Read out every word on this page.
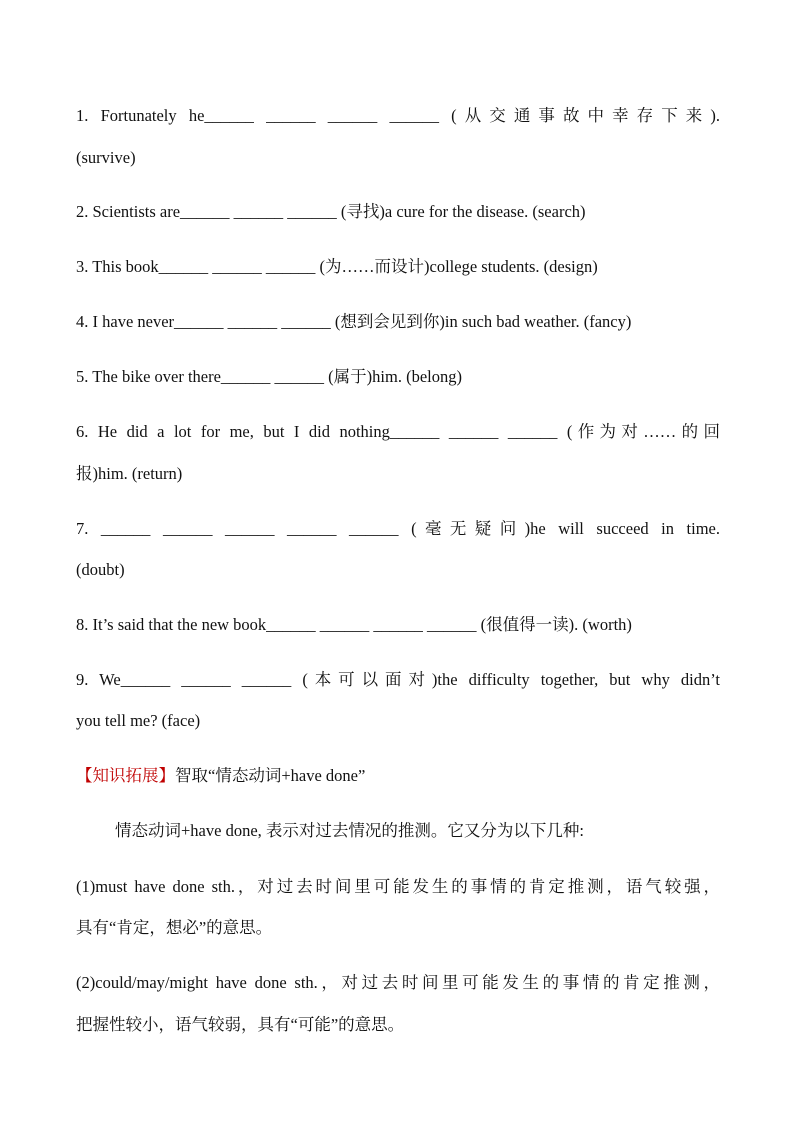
1. Fortunately he______ ______ ______ ______ (从交通事故中幸存下来).
(survive)
2. Scientists are______ ______ ______ (寻找)a cure for the disease. (search)
3. This book______ ______ ______ (为……而设计)college students. (design)
4. I have never______ ______ ______ (想到会见到你)in such bad weather. (fancy)
5. The bike over there______ ______ (属于)him. (belong)
6. He did a lot for me, but I did nothing______ ______ ______ (作为对……的回
报)him. (return)
7. ______ ______ ______ ______ ______ (毫无疑问)he will succeed in time.
(doubt)
8. It’s said that the new book______ ______ ______ ______ (很值得一读). (worth)
9. We______ ______ ______ (本可以面对)the difficulty together, but why didn’t
you tell me? (face)
【知识拓展】智取“情态动词+have done”
情态动词+have done, 表示对过去情况的推测。它又分为以下几种:
(1)must have done sth.，对过去时间里可能发生的事情的肯定推测，语气较强，
具有“肯定，想必”的意思。
(2)could/may/might have done sth.，对过去时间里可能发生的事情的肯定推测，
把握性较小，语气较弱，具有“可能”的意思。
